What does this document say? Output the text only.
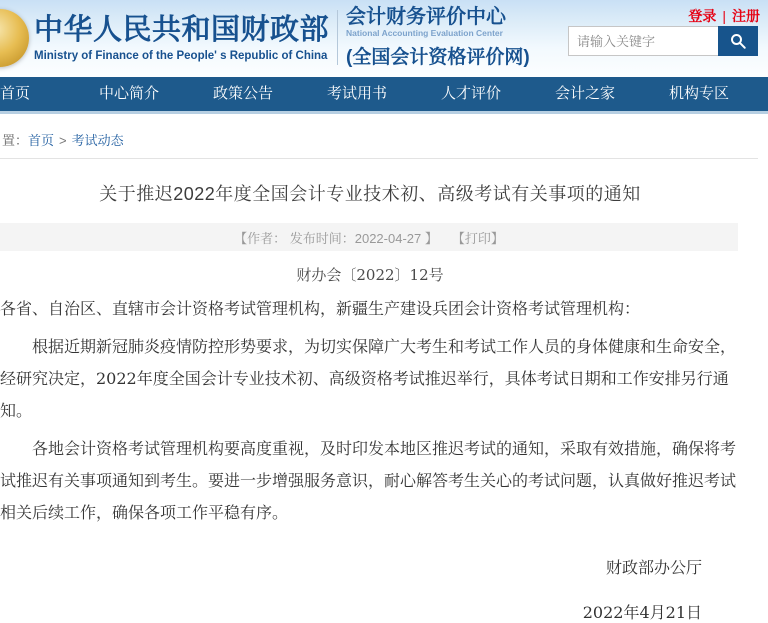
中华人民共和国财政部
Ministry of Finance of the People' s Republic of China
会计财务评价中心
National Accounting Evaluation Center
(全国会计资格评价网)
登录 | 注册
请输入关键字
首页	中心简介	政策公告	考试用书	人才评价	会计之家	机构专区
置：首页 > 考试动态
关于推迟2022年度全国会计专业技术初、高级考试有关事项的通知
【作者： 发布时间：2022-04-27 】 【打印】
财办会〔2022〕12号

各省、自治区、直辖市会计资格考试管理机构，新疆生产建设兵团会计资格考试管理机构：

根据近期新冠肺炎疫情防控形势要求，为切实保障广大考生和考试工作人员的身体健康和生命安全，经研究决定，2022年度全国会计专业技术初、高级资格考试推迟举行，具体考试日期和工作安排另行通知。

各地会计资格考试管理机构要高度重视，及时印发本地区推迟考试的通知，采取有效措施，确保将考试推迟有关事项通知到考生。要进一步增强服务意识，耐心解答考生关心的考试问题，认真做好推迟考试相关后续工作，确保各项工作平稳有序。

财政部办公厅
2022年4月21日
